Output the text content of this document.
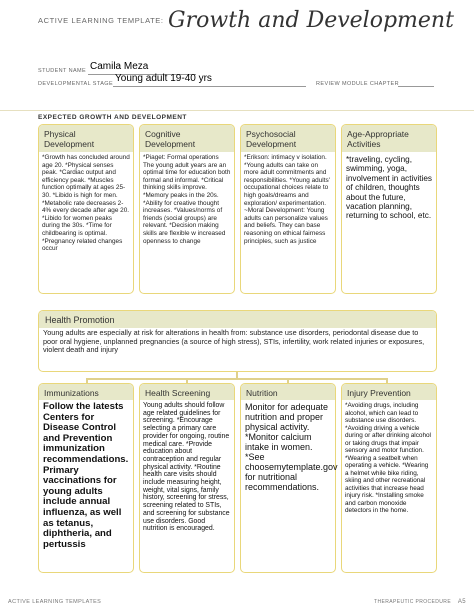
ACTIVE LEARNING TEMPLATE: Growth and Development
STUDENT NAME Camila Meza
DEVELOPMENTAL STAGE Young adult 19-40 yrs	REVIEW MODULE CHAPTER
EXPECTED GROWTH AND DEVELOPMENT
Physical Development
*Growth has concluded around age 20. *Physical senses peak. *Cardiac output and efficiency peak. *Muscles function optimally at ages 25-30. *Libido is high for men. *Metabolic rate decreases 2-4% every decade after age 20. *Libido for women peaks during the 30s. *Time for childbearing is optimal. *Pregnancy related changes occur
Cognitive Development
*Piaget: Formal operations The young adult years are an optimal time for education both formal and informal. *Critical thinking skills improve. *Memory peaks in the 20s. *Ability for creative thought increases. *Values/norms of friends (social groups) are relevant. *Decision making skills are flexible w increased openness to change
Psychosocial Development
*Erikson: intimacy v isolation. *Young adults can take on more adult commitments and responsibilities. *Young adults' occupational choices relate to high goals/dreams and exploration/ experimentation. ~Moral Development: Young adults can personalize values and beliefs. They can base reasoning on ethical fairness principles, such as justice
Age-Appropriate Activities
*traveling, cycling, swimming, yoga, involvement in activities of children, thoughts about the future, vacation planning, returning to school, etc.
Health Promotion
Young adults are especially at risk for alterations in health from: substance use disorders, periodontal disease due to poor oral hygiene, unplanned pregnancies (a source of high stress), STIs, infertility, work related injuries or exposures, violent death and injury
Immunizations
Follow the latests Centers for Disease Control and Prevention immunization recommendations. Primary vaccinations for young adults include annual influenza, as well as tetanus, diphtheria, and pertussis
Health Screening
Young adults should follow age related guidelines for screening. *Encourage selecting a primary care provider for ongoing, routine medical care. *Provide education about contraception and regular physical activity. *Routine health care visits should include measuring height, weight, vital signs, family history, screening for stress, screening related to STIs, and screening for substance use disorders. Good nutrition is encouraged.
Nutrition
Monitor for adequate nutrition and proper physical activity. *Monitor calcium intake in women. *See choosemytemplate.gov for nutritional recommendations.
Injury Prevention
*Avoiding drugs, including alcohol, which can lead to substance use disorders. *Avoiding driving a vehicle during or after drinking alcohol or taking drugs that impair sensory and motor function. *Wearing a seatbelt when operating a vehicle. *Wearing a helmet while bike riding, skiing and other recreational activities that increase head injury risk. *Installing smoke and carbon monoxide detectors in the home.
ACTIVE LEARNING TEMPLATES	THERAPEUTIC PROCEDURE A5
